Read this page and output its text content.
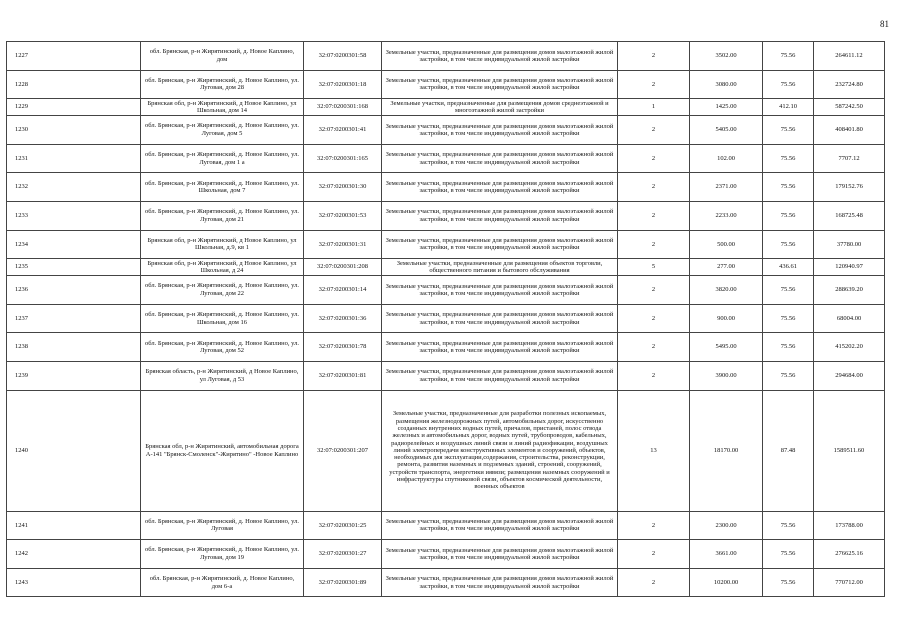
81
1227	обл. Брянская, р-н Жирятинский, д. Новое Каплино, дом	32:07:0200301:58	Земельные участки, предназначенные для размещения домов малоэтажной жилой застройки, в том числе индивидуальной жилой застройки	2	3502.00	75.56	264611.12
1228	обл. Брянская, р-н Жирятинский, д. Новое Каплино, ул. Луговая, дом 28	32:07:0200301:18	Земельные участки, предназначенные для размещения домов малоэтажной жилой застройки, в том числе индивидуальной жилой застройки	2	3080.00	75.56	232724.80
1229	Брянская обл, р-н Жирятинский, д Новое Каплино, ул Школьная, дом 14	32:07:0200301:168	Земельные участки, предназначенные для размещения домов среднеэтажной и многоэтажной жилой застройки	1	1425.00	412.10	587242.50
1230	обл. Брянская, р-н Жирятинский, д. Новое Каплино, ул. Луговая, дом 5	32:07:0200301:41	Земельные участки, предназначенные для размещения домов малоэтажной жилой застройки, в том числе индивидуальной жилой застройки	2	5405.00	75.56	408401.80
1231	обл. Брянская, р-н Жирятинский, д. Новое Каплино, ул. Луговая, дом 1 а	32:07:0200301:165	Земельные участки, предназначенные для размещения домов малоэтажной жилой застройки, в том числе индивидуальной жилой застройки	2	102.00	75.56	7707.12
1232	обл. Брянская, р-н Жирятинский, д. Новое Каплино, ул. Школьная, дом 7	32:07:0200301:30	Земельные участки, предназначенные для размещения домов малоэтажной жилой застройки, в том числе индивидуальной жилой застройки	2	2371.00	75.56	179152.76
1233	обл. Брянская, р-н Жирятинский, д. Новое Каплино, ул. Луговая, дом 21	32:07:0200301:53	Земельные участки, предназначенные для размещения домов малоэтажной жилой застройки, в том числе индивидуальной жилой застройки	2	2233.00	75.56	168725.48
1234	Брянская обл, р-н Жирятинский, д Новое Каплино, ул Школьная, д.9, кв 1	32:07:0200301:31	Земельные участки, предназначенные для размещения домов малоэтажной жилой застройки, в том числе индивидуальной жилой застройки	2	500.00	75.56	37780.00
1235	Брянская обл, р-н Жирятинский, д Новое Каплино, ул Школьная, д 24	32:07:0200301:208	Земельные участки, предназначенные для размещения объектов торговли, общественного питания и бытового обслуживания	5	277.00	436.61	120940.97
1236	обл. Брянская, р-н Жирятинский, д. Новое Каплино, ул. Луговая, дом 22	32:07:0200301:14	Земельные участки, предназначенные для размещения домов малоэтажной жилой застройки, в том числе индивидуальной жилой застройки	2	3820.00	75.56	288639.20
1237	обл. Брянская, р-н Жирятинский, д. Новое Каплино, ул. Школьная, дом 16	32:07:0200301:36	Земельные участки, предназначенные для размещения домов малоэтажной жилой застройки, в том числе индивидуальной жилой застройки	2	900.00	75.56	68004.00
1238	обл. Брянская, р-н Жирятинский, д. Новое Каплино, ул. Луговая, дом 52	32:07:0200301:78	Земельные участки, предназначенные для размещения домов малоэтажной жилой застройки, в том числе индивидуальной жилой застройки	2	5495.00	75.56	415202.20
1239	Брянская область, р-н Жирятинский, д Новое Каплино, ул Луговая, д 53	32:07:0200301:81	Земельные участки, предназначенные для размещения домов малоэтажной жилой застройки, в том числе индивидуальной жилой застройки	2	3900.00	75.56	294684.00
1240	Брянская обл, р-н Жирятинский, автомобильная дорога А-141 "Брянск-Смоленск"-Жирятино" -Новое Каплино	32:07:0200301:207	Земельные участки, предназначенные для разработки полезных ископаемых, размещения железнодорожных путей, автомобильных дорог, искусственно созданных внутренних водных путей, причалов, пристаней, полос отвода железных и автомобильных дорог, водных путей, трубопроводов, кабельных, радиорелейных и воздушных линий связи и линий радиофикации, воздушных линий электропередачи конструктивных элементов и сооружений, объектов, необходимых для эксплуатации,содержания, строительства, реконструкции, ремонта, развития наземных и подземных зданий, строений, сооружений, устройств транспорта, энергетики иявязи; размещения наземных сооружений и инфраструктуры спутниковой связи, объектов космической деятельности, военных объектов	13	18170.00	87.48	1589511.60
1241	обл. Брянская, р-н Жирятинский, д. Новое Каплино, ул. Луговая	32:07:0200301:25	Земельные участки, предназначенные для размещения домов малоэтажной жилой застройки, в том числе индивидуальной жилой застройки	2	2300.00	75.56	173788.00
1242	обл. Брянская, р-н Жирятинский, д. Новое Каплино, ул. Луговая, дом 19	32:07:0200301:27	Земельные участки, предназначенные для размещения домов малоэтажной жилой застройки, в том числе индивидуальной жилой застройки	2	3661.00	75.56	276625.16
1243	обл. Брянская, р-н Жирятинский, д. Новое Каплино, дом 6-а	32:07:0200301:89	Земельные участки, предназначенные для размещения домов малоэтажной жилой застройки, в том числе индивидуальной жилой застройки	2	10200.00	75.56	770712.00
